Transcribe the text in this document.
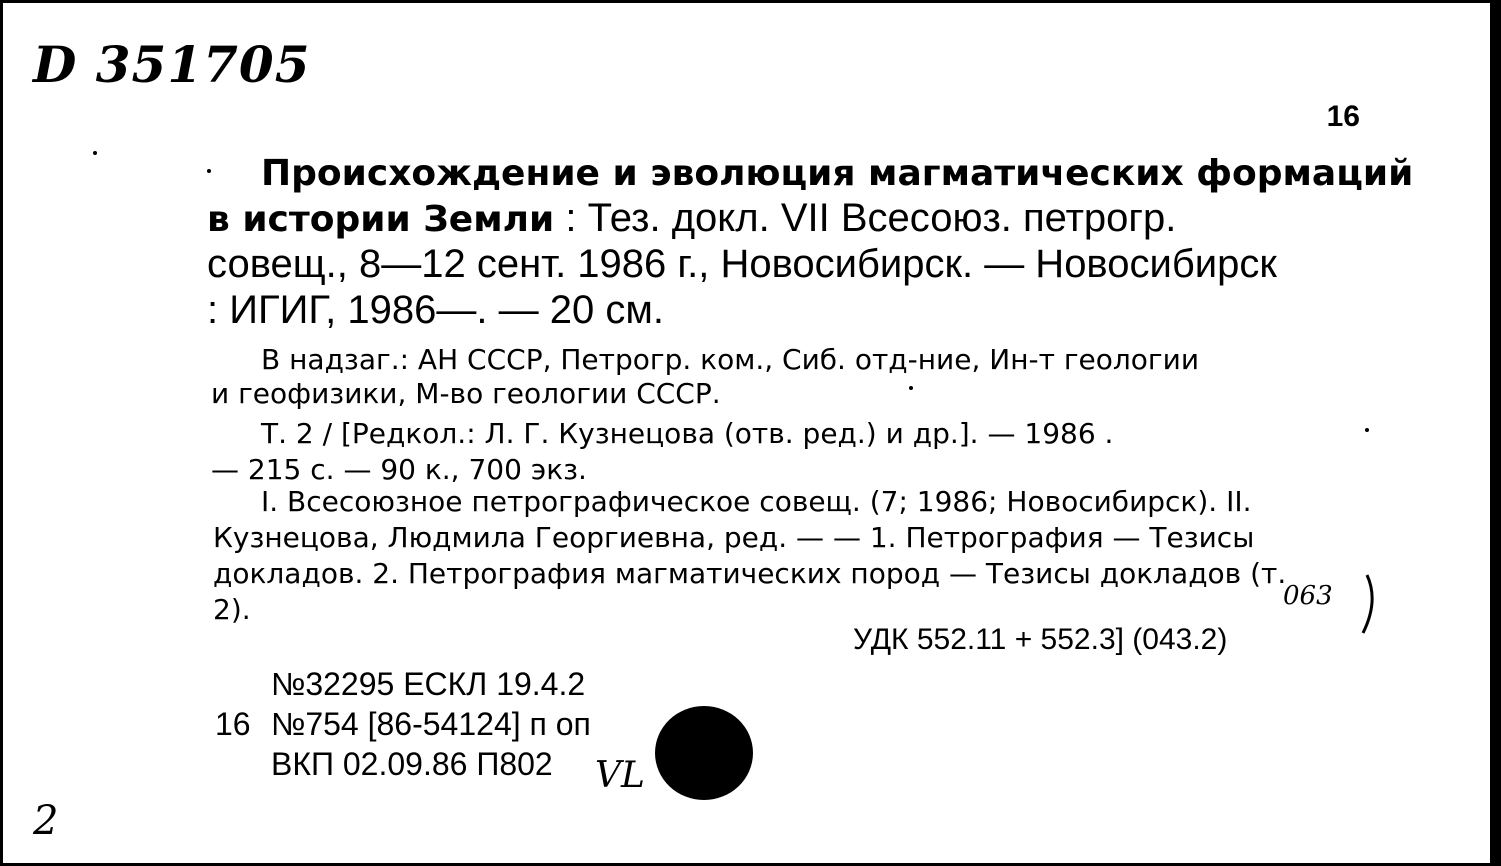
D 351705
16
Происхождение и эволюция магматических формаций
в истории Земли : Тез. докл. VII Всесоюз. петрогр.
совещ., 8—12 сент. 1986 г., Новосибирск. — Новосибирск
: ИГИГ, 1986—. — 20 см.
В надзаг.: АН СССР, Петрогр. ком., Сиб. отд-ние, Ин-т геологии
и геофизики, М-во геологии СССР.
Т. 2 / [Редкол.: Л. Г. Кузнецова (отв. ред.) и др.]. — 1986 .
— 215 с. — 90 к., 700 экз.
I. Всесоюзное петрографическое совещ. (7; 1986; Новосибирск). II.
Кузнецова, Людмила Георгиевна, ред. — — 1. Петрография — Тезисы
докладов. 2. Петрография магматических пород — Тезисы докладов (т.
2).	063
УДК 552.11 + 552.3] (043.2)
№32295 ЕСКЛ 19.4.2
16 №754 [86-54124] п оп
ВКП 02.09.86 П802 VL
2
